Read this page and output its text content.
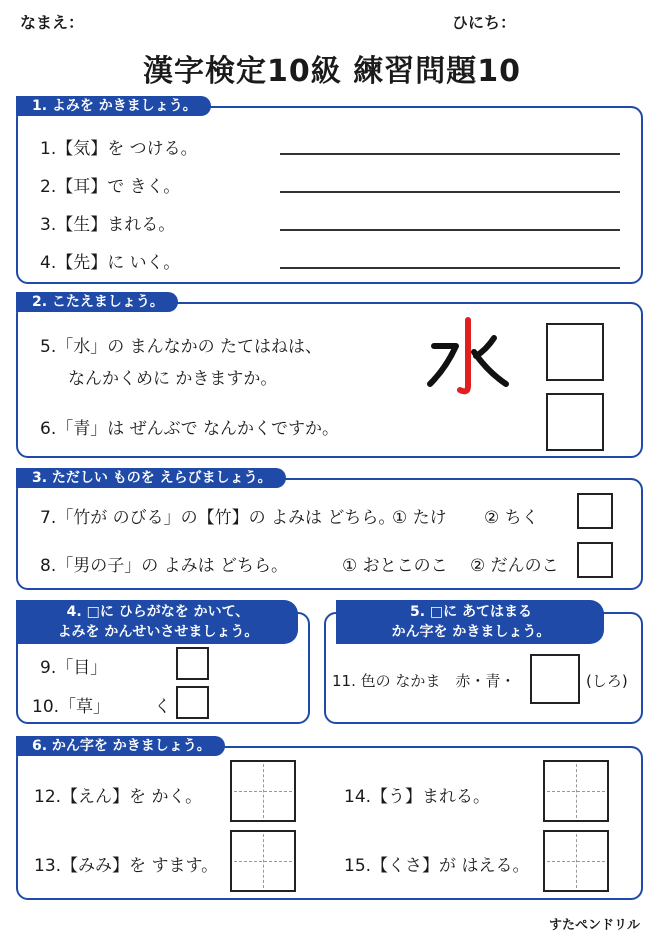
なまえ：	ひにち：
漢字検定10級 練習問題10
1. よみを かきましょう。
1.【気】を つける。
2.【耳】で きく。
3.【生】まれる。
4.【先】に いく。
2. こたえましょう。
5.「水」の まんなかの たてはねは、
なんかくめに かきますか。
6.「青」は ぜんぶで なんかくですか。
3. ただしい ものを えらびましょう。
7.「竹が のびる」の【竹】の よみは どちら。
① たけ ② ちく
8.「男の子」の よみは どちら。	① おとこのこ ② だんのこ
4. □に ひらがなを かいて、
よみを かんせいさせましょう。
9.「目」
10.「草」	く
5. □に あてはまる
かん字を かきましょう。
11. 色の なかま　赤・青・	(しろ)
6. かん字を かきましょう。
12.【えん】を かく。
13.【みみ】を すます。
14.【う】まれる。
15.【くさ】が はえる。
すたペンドリル
